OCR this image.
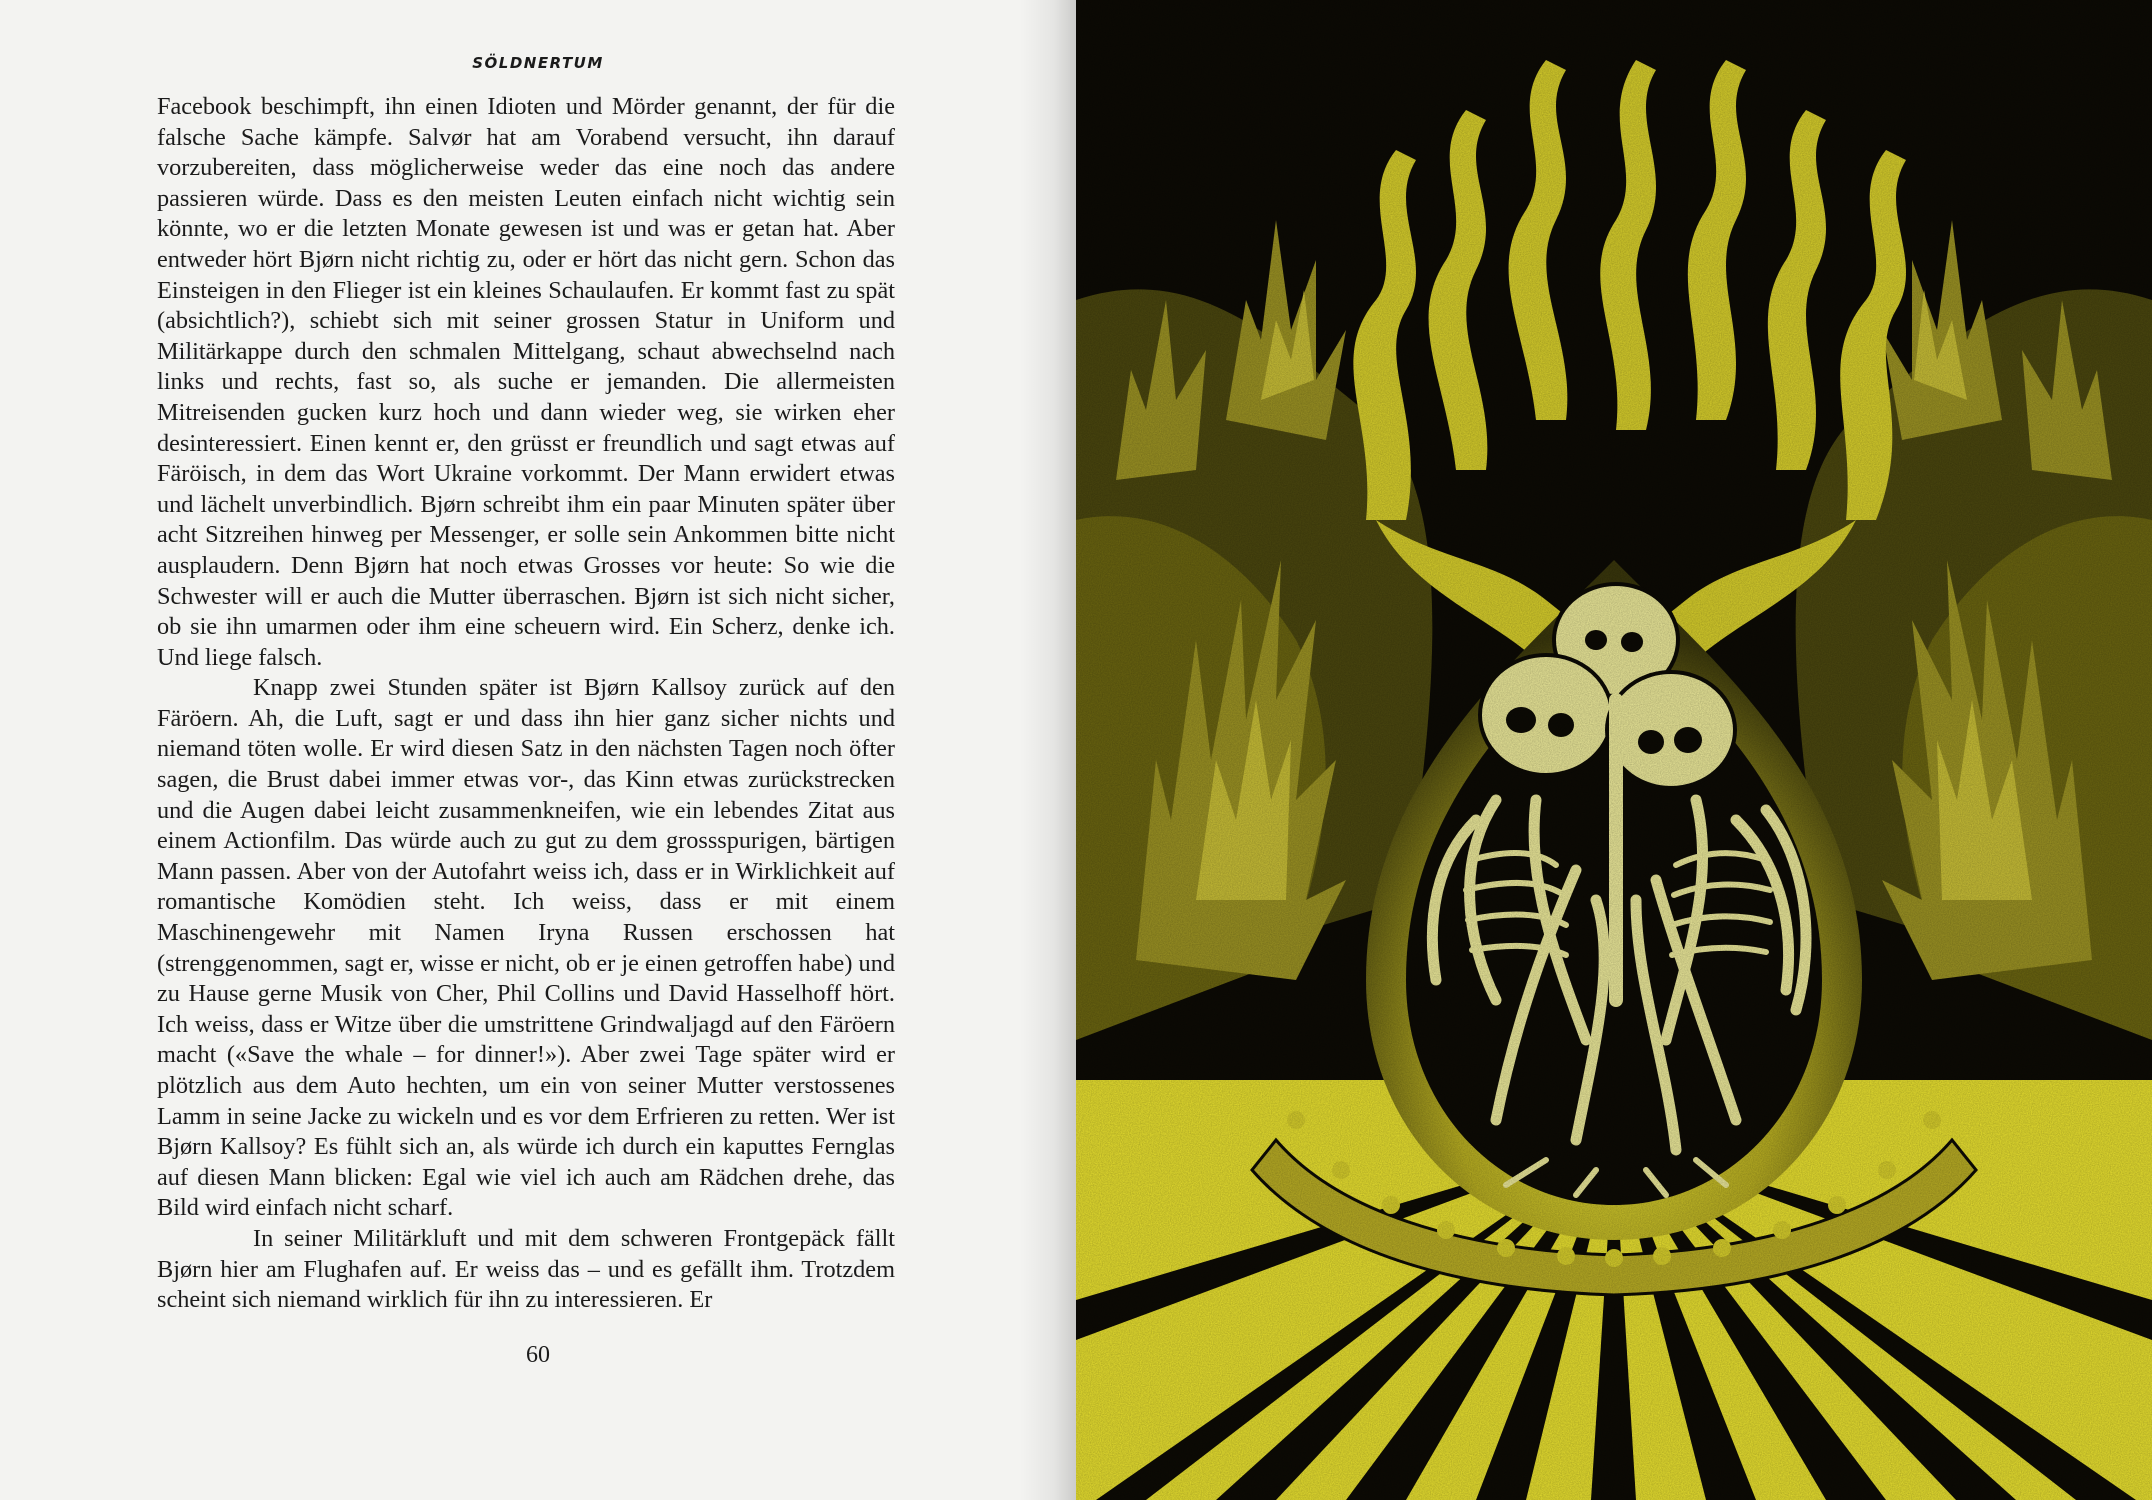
SÖLDNERTUM

Facebook beschimpft, ihn einen Idioten und Mörder genannt, der für die falsche Sache kämpfe. Salvør hat am Vorabend versucht, ihn darauf vorzubereiten, dass möglicherweise weder das eine noch das andere passieren würde. Dass es den meisten Leuten einfach nicht wichtig sein könnte, wo er die letzten Monate gewesen ist und was er getan hat. Aber entweder hört Bjørn nicht richtig zu, oder er hört das nicht gern. Schon das Einsteigen in den Flieger ist ein kleines Schaulaufen. Er kommt fast zu spät (absichtlich?), schiebt sich mit seiner grossen Statur in Uniform und Militärkappe durch den schmalen Mittelgang, schaut abwechselnd nach links und rechts, fast so, als suche er jemanden. Die allermeisten Mitreisenden gucken kurz hoch und dann wieder weg, sie wirken eher desinteressiert. Einen kennt er, den grüsst er freundlich und sagt etwas auf Färöisch, in dem das Wort Ukraine vorkommt. Der Mann erwidert etwas und lächelt unverbindlich. Bjørn schreibt ihm ein paar Minuten später über acht Sitzreihen hinweg per Messenger, er solle sein Ankommen bitte nicht ausplaudern. Denn Bjørn hat noch etwas Grosses vor heute: So wie die Schwester will er auch die Mutter überraschen. Bjørn ist sich nicht sicher, ob sie ihn umarmen oder ihm eine scheuern wird. Ein Scherz, denke ich. Und liege falsch.

Knapp zwei Stunden später ist Bjørn Kallsoy zurück auf den Färöern. Ah, die Luft, sagt er und dass ihn hier ganz sicher nichts und niemand töten wolle. Er wird diesen Satz in den nächsten Tagen noch öfter sagen, die Brust dabei immer etwas vor-, das Kinn etwas zurückstrecken und die Augen dabei leicht zusammenkneifen, wie ein lebendes Zitat aus einem Actionfilm. Das würde auch zu gut zu dem grossspurigen, bärtigen Mann passen. Aber von der Autofahrt weiss ich, dass er in Wirklichkeit auf romantische Komödien steht. Ich weiss, dass er mit einem Maschinengewehr mit Namen Iryna Russen erschossen hat (strenggenommen, sagt er, wisse er nicht, ob er je einen getroffen habe) und zu Hause gerne Musik von Cher, Phil Collins und David Hasselhoff hört. Ich weiss, dass er Witze über die umstrittene Grindwaljagd auf den Färöern macht («Save the whale – for dinner!»). Aber zwei Tage später wird er plötzlich aus dem Auto hechten, um ein von seiner Mutter verstossenes Lamm in seine Jacke zu wickeln und es vor dem Erfrieren zu retten. Wer ist Bjørn Kallsoy? Es fühlt sich an, als würde ich durch ein kaputtes Fernglas auf diesen Mann blicken: Egal wie viel ich auch am Rädchen drehe, das Bild wird einfach nicht scharf.

In seiner Militärkluft und mit dem schweren Frontgepäck fällt Bjørn hier am Flughafen auf. Er weiss das – und es gefällt ihm. Trotzdem scheint sich niemand wirklich für ihn zu interessieren. Er

60
